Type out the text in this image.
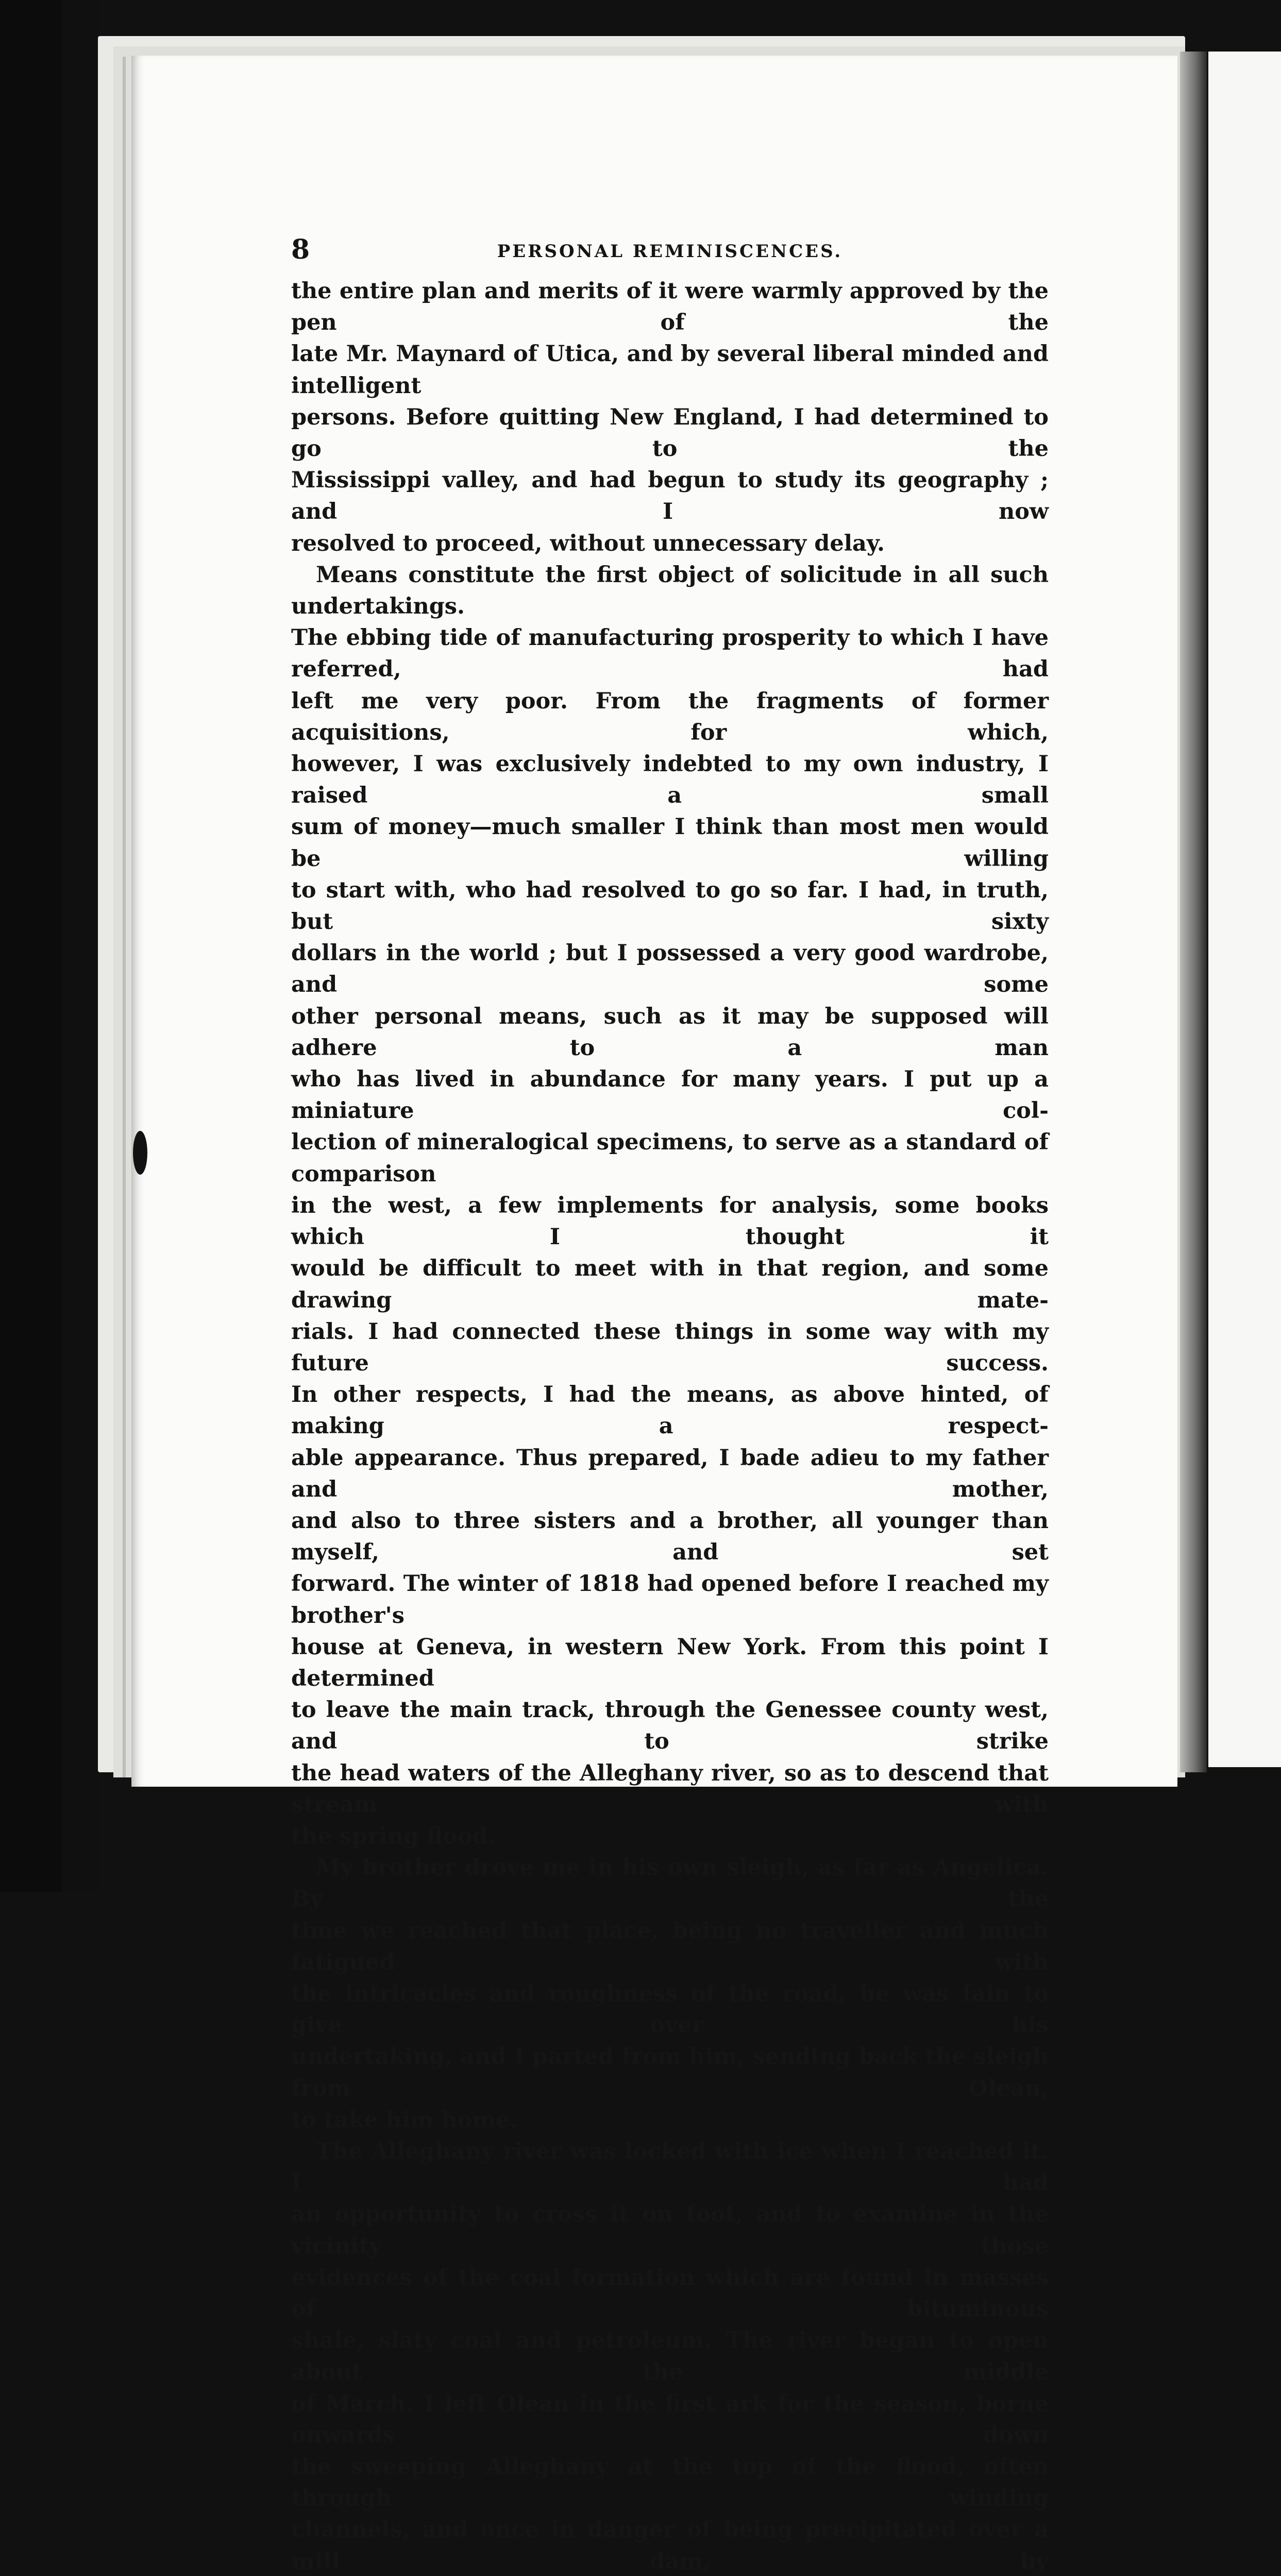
8	PERSONAL REMINISCENCES.

the entire plan and merits of it were warmly approved by the pen of the

late Mr. Maynard of Utica, and by several liberal minded and intelligent

persons. Before quitting New England, I had determined to go to the

Mississippi valley, and had begun to study its geography ; and I now

resolved to proceed, without unnecessary delay.

Means constitute the first object of solicitude in all such undertakings.

The ebbing tide of manufacturing prosperity to which I have referred, had

left me very poor. From the fragments of former acquisitions, for which,

however, I was exclusively indebted to my own industry, I raised a small

sum of money—much smaller I think than most men would be willing

to start with, who had resolved to go so far. I had, in truth, but sixty

dollars in the world ; but I possessed a very good wardrobe, and some

other personal means, such as it may be supposed will adhere to a man

who has lived in abundance for many years. I put up a miniature col-

lection of mineralogical specimens, to serve as a standard of comparison

in the west, a few implements for analysis, some books which I thought it

would be difficult to meet with in that region, and some drawing mate-

rials. I had connected these things in some way with my future success.

In other respects, I had the means, as above hinted, of making a respect-

able appearance. Thus prepared, I bade adieu to my father and mother,

and also to three sisters and a brother, all younger than myself, and set

forward. The winter of 1818 had opened before I reached my brother's

house at Geneva, in western New York. From this point I determined

to leave the main track, through the Genessee county west, and to strike

the head waters of the Alleghany river, so as to descend that stream with

the spring flood.

My brother drove me in his own sleigh, as far as Angelica. By the

time we reached that place, being no traveller and much fatigued with

the intricacies and roughness of the road, he was fain to give over his

undertaking, and I parted from him, sending back the sleigh from Olean,

to take him home.

The Alleghany river was locked with ice when I reached it. I had

an opportunity to cross it on foot, and to examine in the vicinity those

evidences of the coal formation which are found in masses of bituminous

shale, slaty coal and petroleum. The river began to open about the middle

of March. I left Olean in the first ark for the season, borne onwards down

the sweeping Alleghany at the top of the flood, often through winding

channels, and once in danger of being precipitated over a mill dam, by
